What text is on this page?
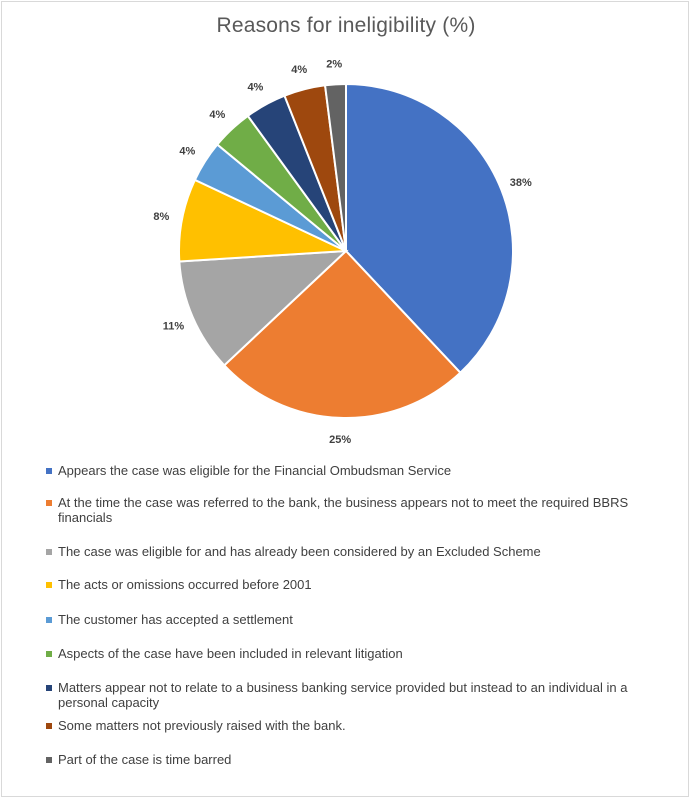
Reasons for ineligibility (%)
38%
25%
11%
8%
4%
4%
4%
4% 2%
Appears the case was eligible for the Financial Ombudsman Service
At the time the case was referred to the bank, the business appears not to meet the required BBRS financials
The case was eligible for and has already been considered by an Excluded Scheme
The acts or omissions occurred before 2001
The customer has accepted a settlement
Aspects of the case have been included in relevant litigation
Matters appear not to relate to a business banking service provided but instead to an individual in a personal capacity
Some matters not previously raised with the bank.
Part of the case is time barred
